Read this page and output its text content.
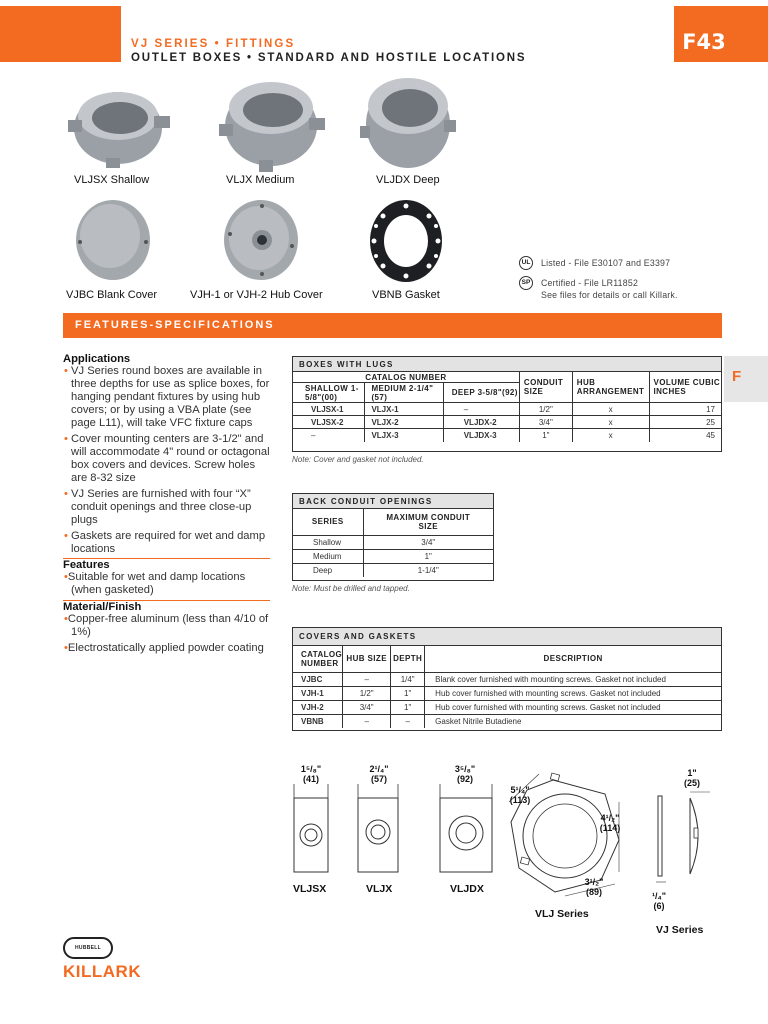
F43
VJ SERIES • FITTINGS
OUTLET BOXES • STANDARD AND HOSTILE LOCATIONS
VLJSX Shallow	VLJX Medium	VLJDX Deep
VJBC Blank Cover	VJH-1 or VJH-2 Hub Cover	VBNB Gasket
UL	Listed - File E30107 and E3397
SP	Certified - File LR11852
See files for details or call Killark.
FEATURES-SPECIFICATIONS
F
Applications
• VJ Series round boxes are available in three depths for use as splice boxes, for hanging pendant fixtures by using hub covers; or by using a VBA plate (see page L11), will take VFC fixture caps
• Cover mounting centers are 3-1/2" and will accommodate 4" round or octagonal box covers and devices. Screw holes are 8-32 size
• VJ Series are furnished with four “X” conduit openings and three close-up plugs
• Gaskets are required for wet and damp locations
Features
•Suitable for wet and damp locations (when gasketed)
Material/Finish
•Copper-free aluminum (less than 4/10 of 1%)
•Electrostatically applied powder coating
BOXES WITH LUGS
CATALOG NUMBER			CONDUIT SIZE	HUB ARRANGEMENT	VOLUME CUBIC INCHES
SHALLOW 1-5/8"(00)	MEDIUM 2-1/4"(57)	DEEP 3-5/8"(92)			
VLJSX-1	VLJX-1	–	1/2"	x	17
VLJSX-2	VLJX-2	VLJDX-2	3/4"	x	25
–	VLJX-3	VLJDX-3	1"	x	45
Note: Cover and gasket not included.
BACK CONDUIT OPENINGS
SERIES	MAXIMUM CONDUIT SIZE
Shallow	3/4"
Medium	1"
Deep	1-1/4"
Note: Must be drilled and tapped.
COVERS AND GASKETS
CATALOG NUMBER	HUB SIZE	DEPTH	DESCRIPTION
VJBC	–	1/4"	Blank cover furnished with mounting screws. Gasket not included
VJH-1	1/2"	1"	Hub cover furnished with mounting screws. Gasket not included
VJH-2	3/4"	1"	Hub cover furnished with mounting screws. Gasket not included
VBNB	–	–	Gasket Nitrile Butadiene
1⁵/₈"
(41)
VLJSX
2¹/₄"
(57)
VLJX
3⁵/₈"
(92)
VLJDX
5¹/₄"
(113)
4¹/₂"
(114)
3¹/₂"
(89)
VLJ Series
1"
(25)
¹/₄"
(6)
VJ Series
HUBBELL
KILLARK
